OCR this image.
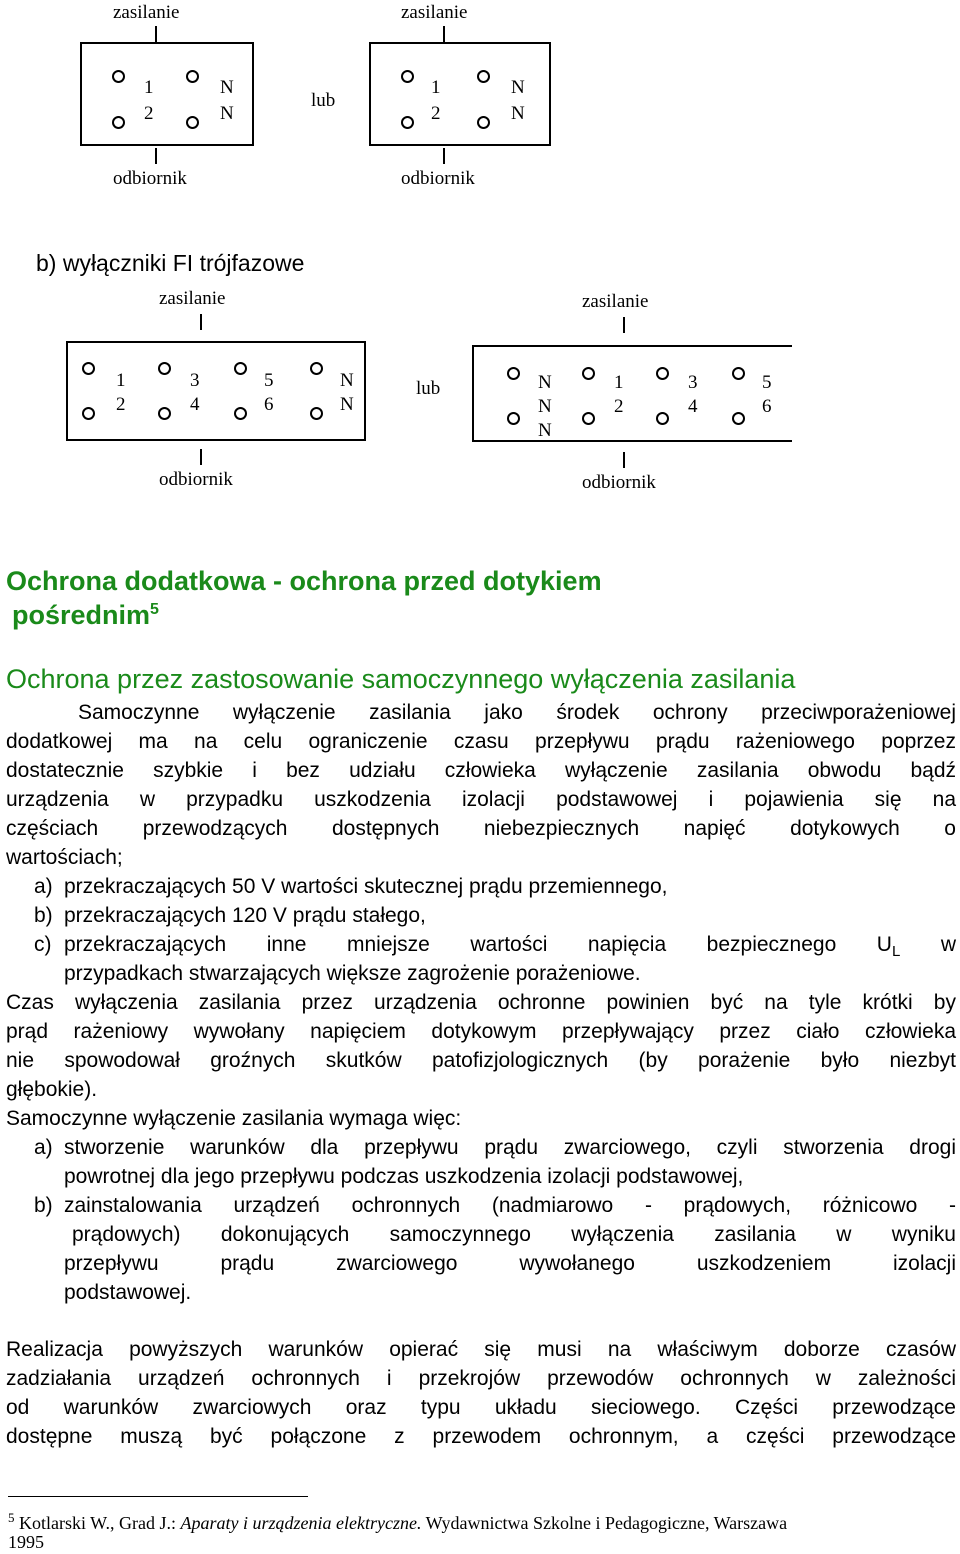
zasilanie
1
2
N
N
odbiornik
lub
zasilanie
1
2
N
N
odbiornik
b) wyłączniki FI trójfazowe
zasilanie
1
2
3
4
5
6
N
N
odbiornik
lub
zasilanie
N
N
N
1
2
3
4
5
6
odbiornik
Ochrona dodatkowa - ochrona przed dotykiem
pośrednim$^5$
Ochrona przez zastosowanie samoczynnego wyłączenia zasilania
Samoczynne wyłączenie zasilania jako środek ochrony przeciwporażeniowej
dodatkowej ma na celu ograniczenie czasu przepływu prądu rażeniowego poprzez
dostatecznie szybkie i bez udziału człowieka wyłączenie zasilania obwodu bądź
urządzenia w przypadku uszkodzenia izolacji podstawowej i pojawienia się na
częściach przewodzących dostępnych niebezpiecznych napięć dotykowych o
wartościach;
a) przekraczających 50 V wartości skutecznej prądu przemiennego,
b) przekraczających 120 V prądu stałego,
c) przekraczających inne mniejsze wartości napięcia bezpiecznego $U_L$ w
przypadkach stwarzających większe zagrożenie porażeniowe.
Czas wyłączenia zasilania przez urządzenia ochronne powinien być na tyle krótki by
prąd rażeniowy wywołany napięciem dotykowym przepływający przez ciało człowieka
nie spowodował groźnych skutków patofizjologicznych (by porażenie było niezbyt
głębokie).
Samoczynne wyłączenie zasilania wymaga więc:
a) stworzenie warunków dla przepływu prądu zwarciowego, czyli stworzenia drogi
powrotnej dla jego przepływu podczas uszkodzenia izolacji podstawowej,
b) zainstalowania urządzeń ochronnych (nadmiarowo - prądowych, różnicowo -
prądowych) dokonujących samoczynnego wyłączenia zasilania w wyniku
przepływu prądu zwarciowego wywołanego uszkodzeniem izolacji
podstawowej.
Realizacja powyższych warunków opierać się musi na właściwym doborze czasów
zadziałania urządzeń ochronnych i przekrojów przewodów ochronnych w zależności
od warunków zwarciowych oraz typu układu sieciowego. Części przewodzące
dostępne muszą być połączone z przewodem ochronnym, a części przewodzące
$^5$ Kotlarski W., Grad J.: Aparaty i urządzenia elektryczne. Wydawnictwa Szkolne i Pedagogiczne, Warszawa
1995
